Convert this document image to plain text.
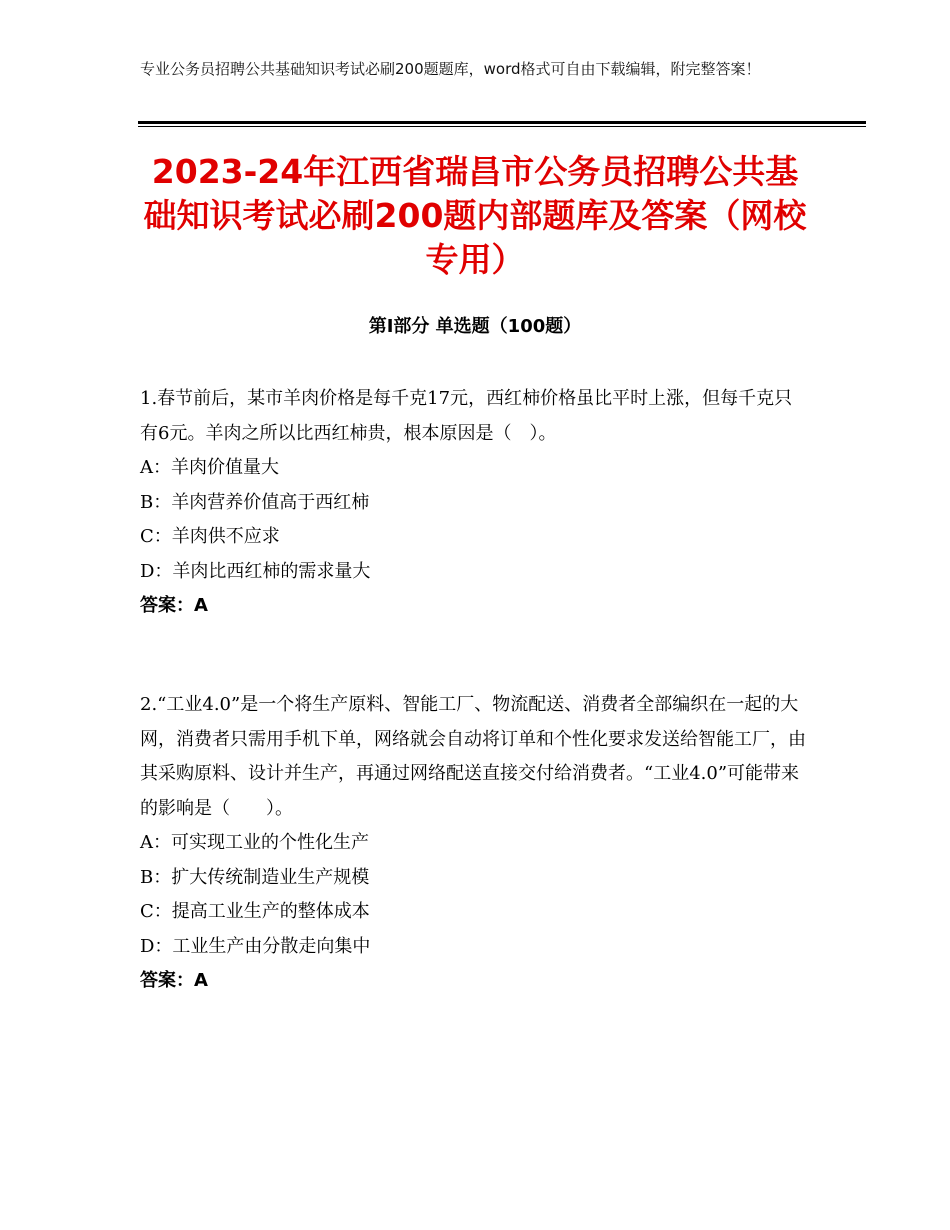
专业公务员招聘公共基础知识考试必刷200题题库，word格式可自由下载编辑，附完整答案！
2023-24年江西省瑞昌市公务员招聘公共基础知识考试必刷200题内部题库及答案（网校专用）
第Ⅰ部分 单选题（100题）

1.春节前后，某市羊肉价格是每千克17元，西红柿价格虽比平时上涨，但每千克只有6元。羊肉之所以比西红柿贵，根本原因是（　）。

A：羊肉价值量大

B：羊肉营养价值高于西红柿

C：羊肉供不应求

D：羊肉比西红柿的需求量大

答案：A

2.“工业4.0”是一个将生产原料、智能工厂、物流配送、消费者全部编织在一起的大网，消费者只需用手机下单，网络就会自动将订单和个性化要求发送给智能工厂，由其采购原料、设计并生产，再通过网络配送直接交付给消费者。“工业4.0”可能带来的影响是（　　）。

A：可实现工业的个性化生产

B：扩大传统制造业生产规模

C：提高工业生产的整体成本

D：工业生产由分散走向集中

答案：A
